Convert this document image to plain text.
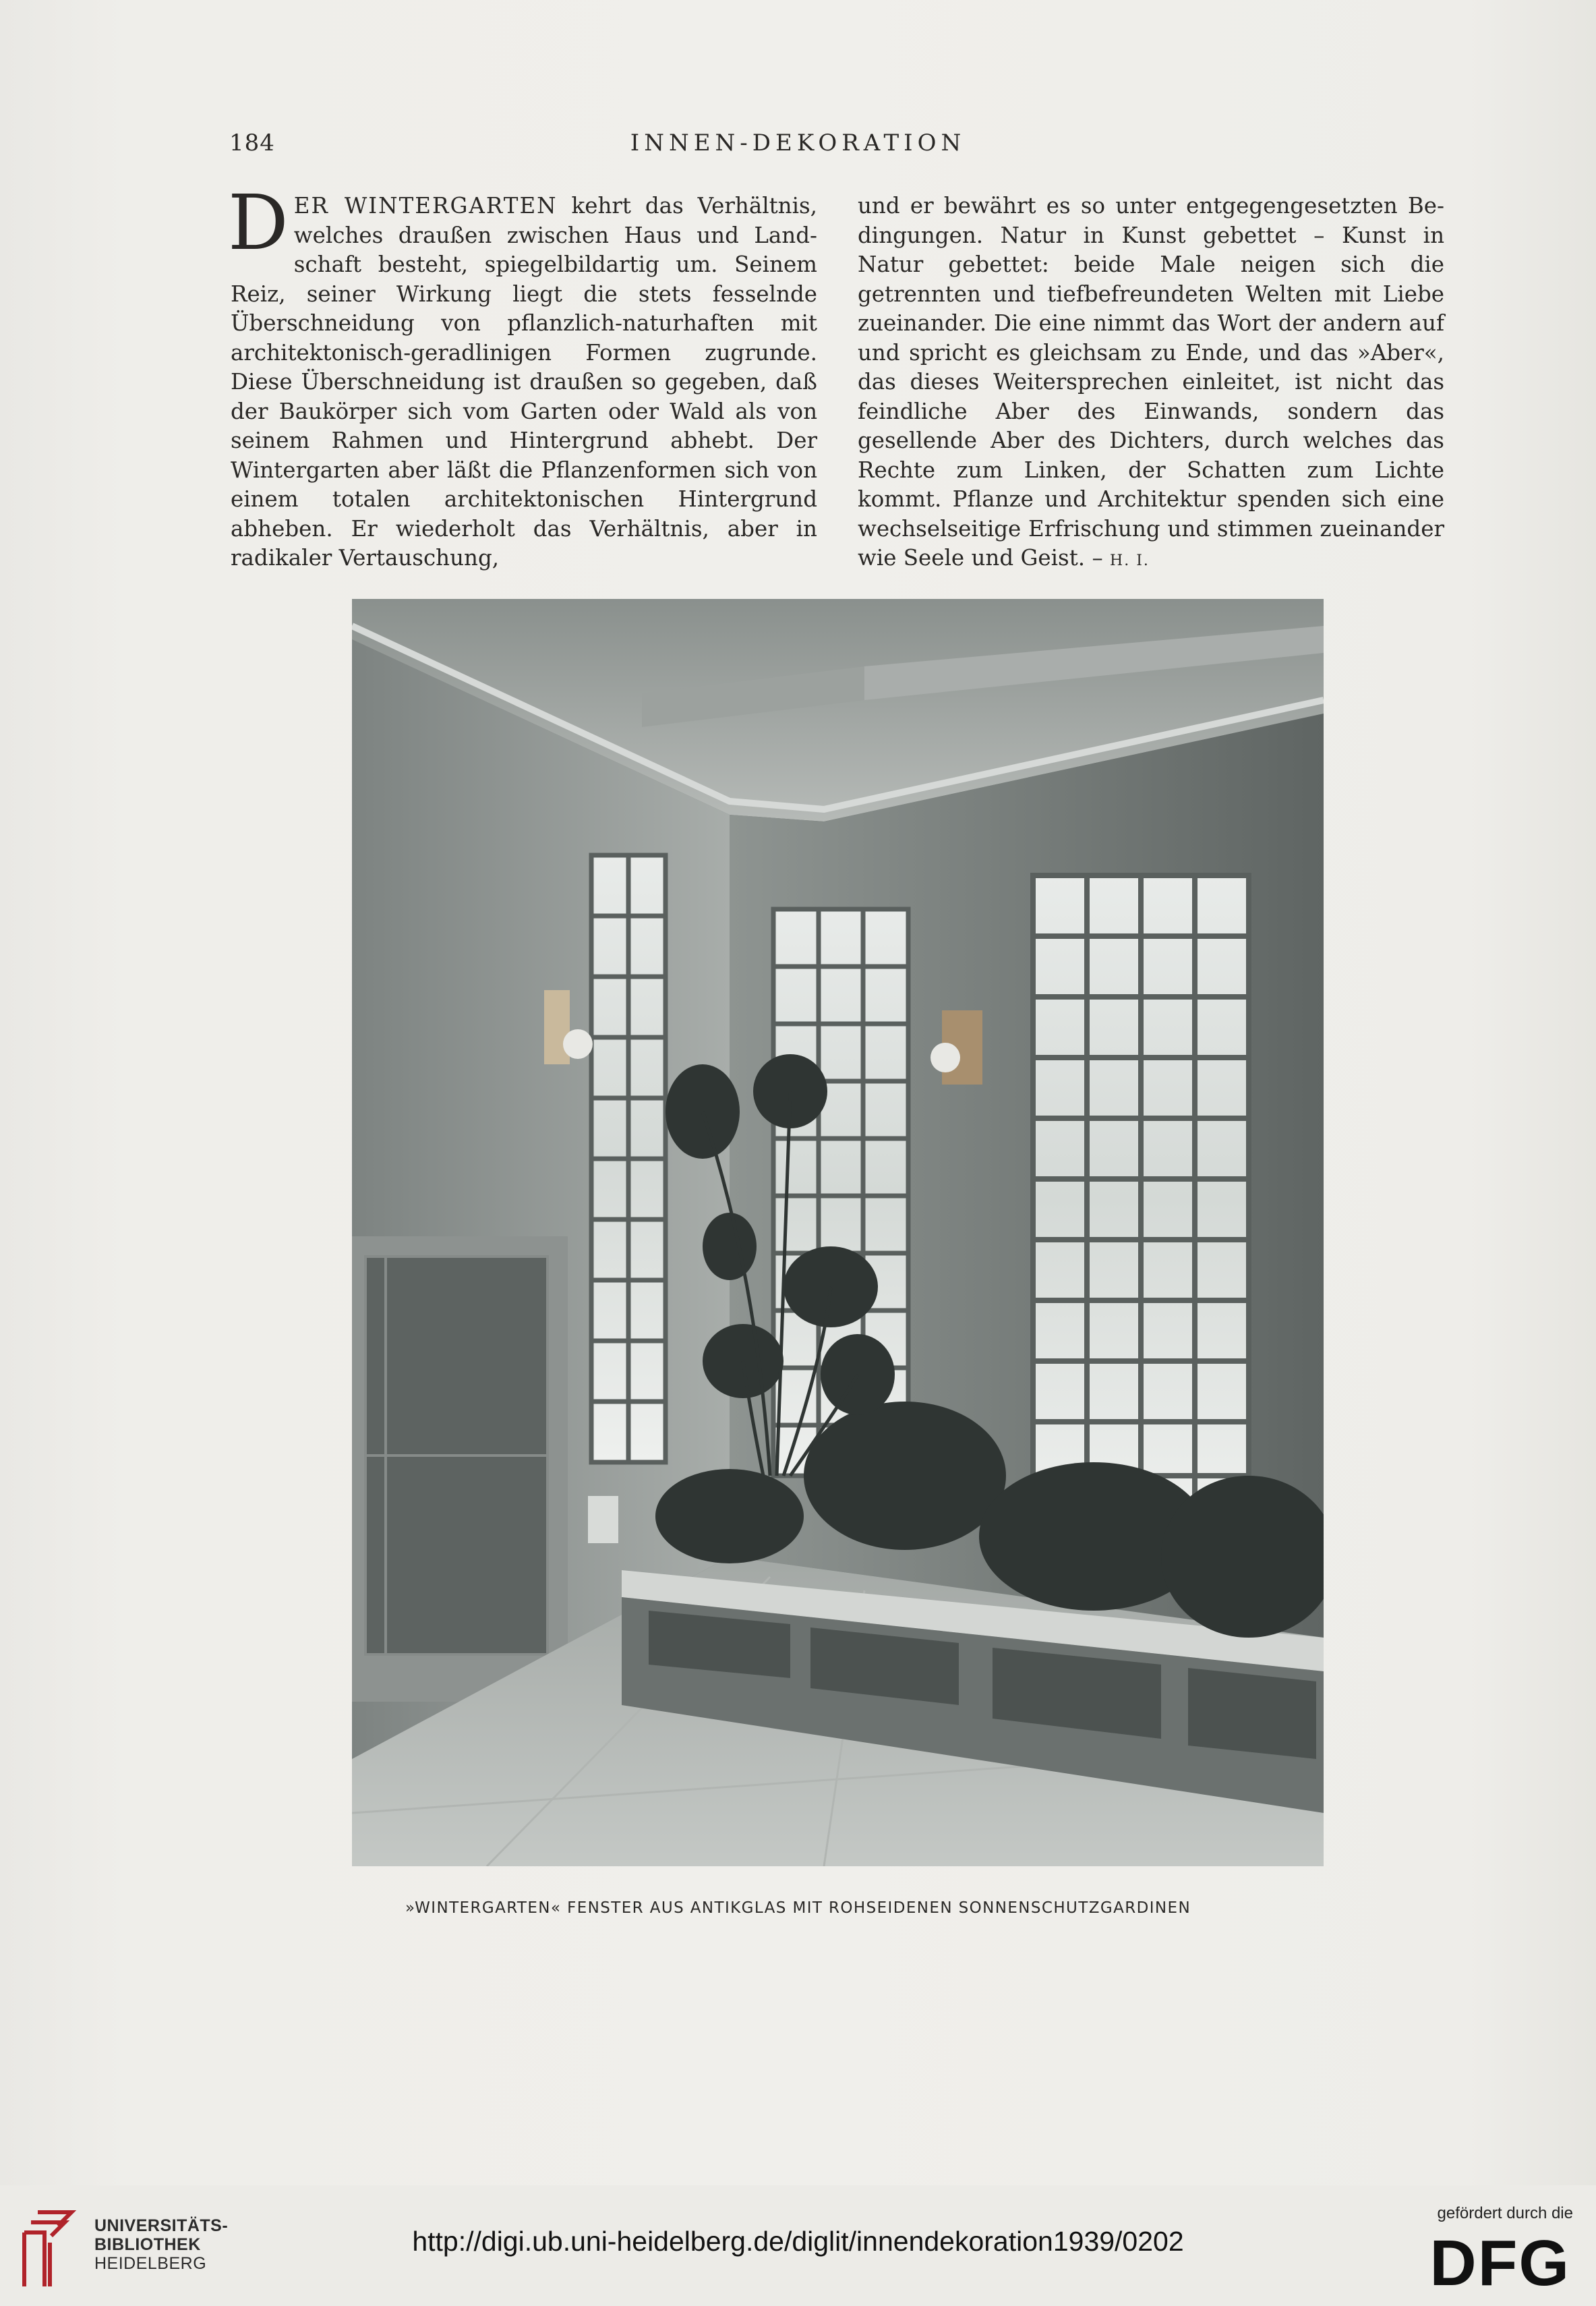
184	INNEN-DEKORATION
DER WINTERGARTEN kehrt das Verhältnis, welches draußen zwischen Haus und Landschaft besteht, spiegelbildartig um. Seinem Reiz, seiner Wirkung liegt die stets fesselnde Überschneidung von pflanzlich-naturhaften mit architektonisch-geradlinigen Formen zugrunde. Diese Überschneidung ist draußen so gegeben, daß der Baukörper sich vom Garten oder Wald als von seinem Rahmen und Hintergrund abhebt. Der Wintergarten aber läßt die Pflanzenformen sich von einem totalen architektonischen Hintergrund abheben. Er wiederholt das Verhältnis, aber in radikaler Vertauschung,
und er bewährt es so unter entgegengesetzten Bedingungen. Natur in Kunst gebettet – Kunst in Natur gebettet: beide Male neigen sich die getrennten und tiefbefreundeten Welten mit Liebe zueinander. Die eine nimmt das Wort der andern auf und spricht es gleichsam zu Ende, und das »Aber«, das dieses Weitersprechen einleitet, ist nicht das feindliche Aber des Einwands, sondern das gesellende Aber des Dichters, durch welches das Rechte zum Linken, der Schatten zum Lichte kommt. Pflanze und Architektur spenden sich eine wechselseitige Erfrischung und stimmen zueinander wie Seele und Geist. – H. I.
»WINTERGARTEN« FENSTER AUS ANTIKGLAS MIT ROHSEIDENEN SONNENSCHUTZGARDINEN
UNIVERSITÄTS-
BIBLIOTHEK
HEIDELBERG
http://digi.ub.uni-heidelberg.de/diglit/innendekoration1939/0202
gefördert durch die
DFG
